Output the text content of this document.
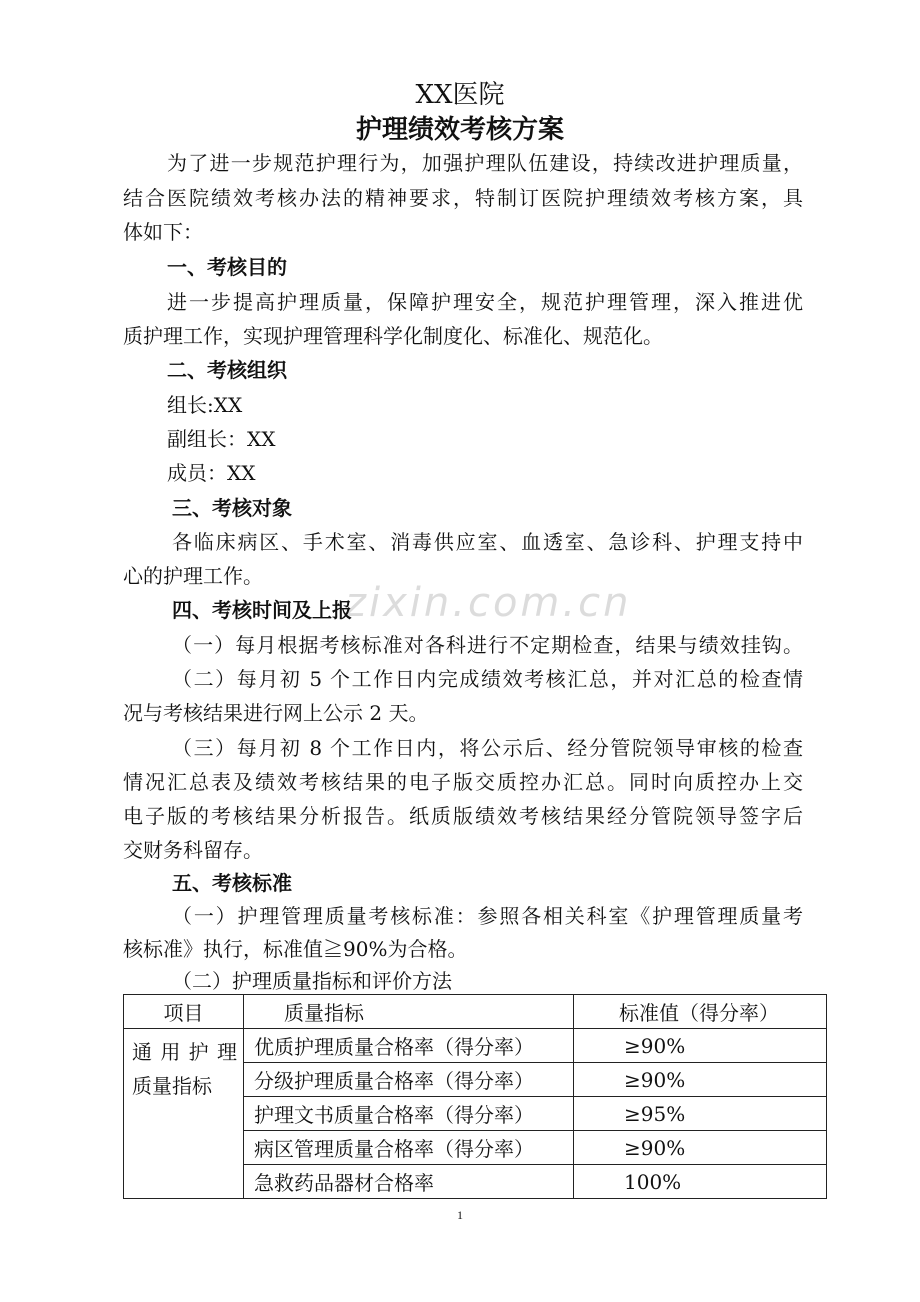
XX医院
护理绩效考核方案
为了进一步规范护理行为，加强护理队伍建设，持续改进护理质量，
结合医院绩效考核办法的精神要求，特制订医院护理绩效考核方案，具
体如下：
一、考核目的
进一步提高护理质量，保障护理安全，规范护理管理，深入推进优
质护理工作，实现护理管理科学化制度化、标准化、规范化。
二、考核组织
组长:XX
副组长：XX
成员：XX
三、考核对象
各临床病区、手术室、消毒供应室、血透室、急诊科、护理支持中
心的护理工作。
zixin.com.cn
四、考核时间及上报
（一）每月根据考核标准对各科进行不定期检查，结果与绩效挂钩。
（二）每月初 5 个工作日内完成绩效考核汇总，并对汇总的检查情
况与考核结果进行网上公示 2 天。
（三）每月初 8 个工作日内，将公示后、经分管院领导审核的检查
情况汇总表及绩效考核结果的电子版交质控办汇总。同时向质控办上交
电子版的考核结果分析报告。纸质版绩效考核结果经分管院领导签字后
交财务科留存。
五、考核标准
（一）护理管理质量考核标准：参照各相关科室《护理管理质量考
核标准》执行，标准值≧90%为合格。
（二）护理质量指标和评价方法
项目	质量指标	标准值（得分率）

通用护理
质量指标	优质护理质量合格率（得分率）	≥90%
	分级护理质量合格率（得分率）	≥90%
	护理文书质量合格率（得分率）	≥95%
	病区管理质量合格率（得分率）	≥90%
	急救药品器材合格率	100%
1
